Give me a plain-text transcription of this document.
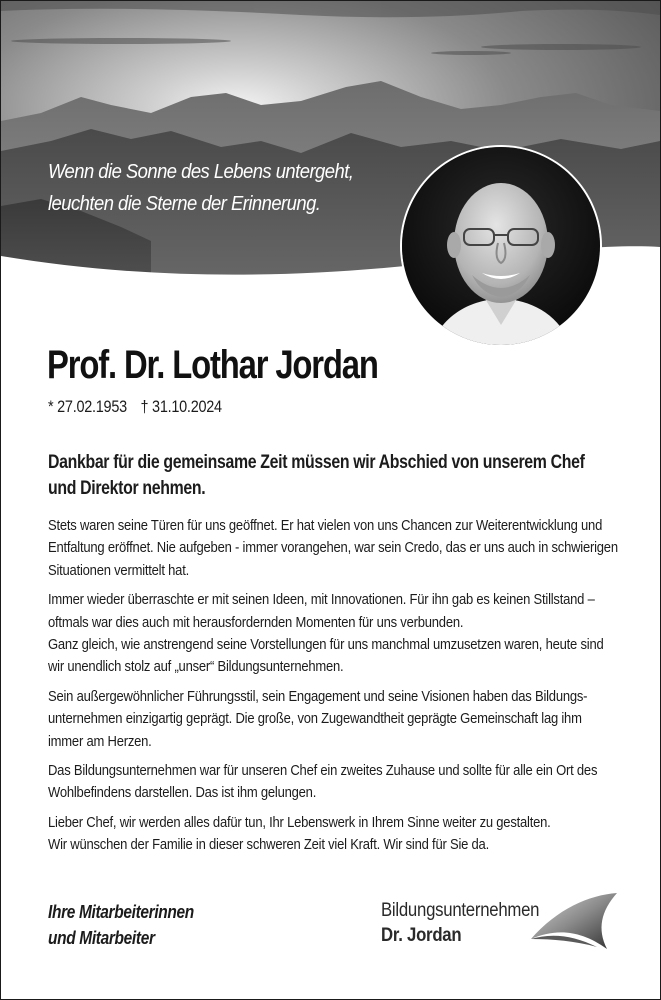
Wenn die Sonne des Lebens untergeht,
leuchten die Sterne der Erinnerung.
Prof. Dr. Lothar Jordan
* 27.02.1953 † 31.10.2024
Dankbar für die gemeinsame Zeit müssen wir Abschied von unserem Chef
und Direktor nehmen.
Stets waren seine Türen für uns geöffnet. Er hat vielen von uns Chancen zur Weiterentwicklung und
Entfaltung eröffnet. Nie aufgeben - immer vorangehen, war sein Credo, das er uns auch in schwierigen
Situationen vermittelt hat.
Immer wieder überraschte er mit seinen Ideen, mit Innovationen. Für ihn gab es keinen Stillstand –
oftmals war dies auch mit herausfordernden Momenten für uns verbunden.
Ganz gleich, wie anstrengend seine Vorstellungen für uns manchmal umzusetzen waren, heute sind
wir unendlich stolz auf „unser“ Bildungsunternehmen.
Sein außergewöhnlicher Führungsstil, sein Engagement und seine Visionen haben das Bildungs-
unternehmen einzigartig geprägt. Die große, von Zugewandtheit geprägte Gemeinschaft lag ihm
immer am Herzen.
Das Bildungsunternehmen war für unseren Chef ein zweites Zuhause und sollte für alle ein Ort des
Wohlbefindens darstellen. Das ist ihm gelungen.
Lieber Chef, wir werden alles dafür tun, Ihr Lebenswerk in Ihrem Sinne weiter zu gestalten.
Wir wünschen der Familie in dieser schweren Zeit viel Kraft. Wir sind für Sie da.
Ihre Mitarbeiterinnen
und Mitarbeiter
Bildungsunternehmen
Dr. Jordan
